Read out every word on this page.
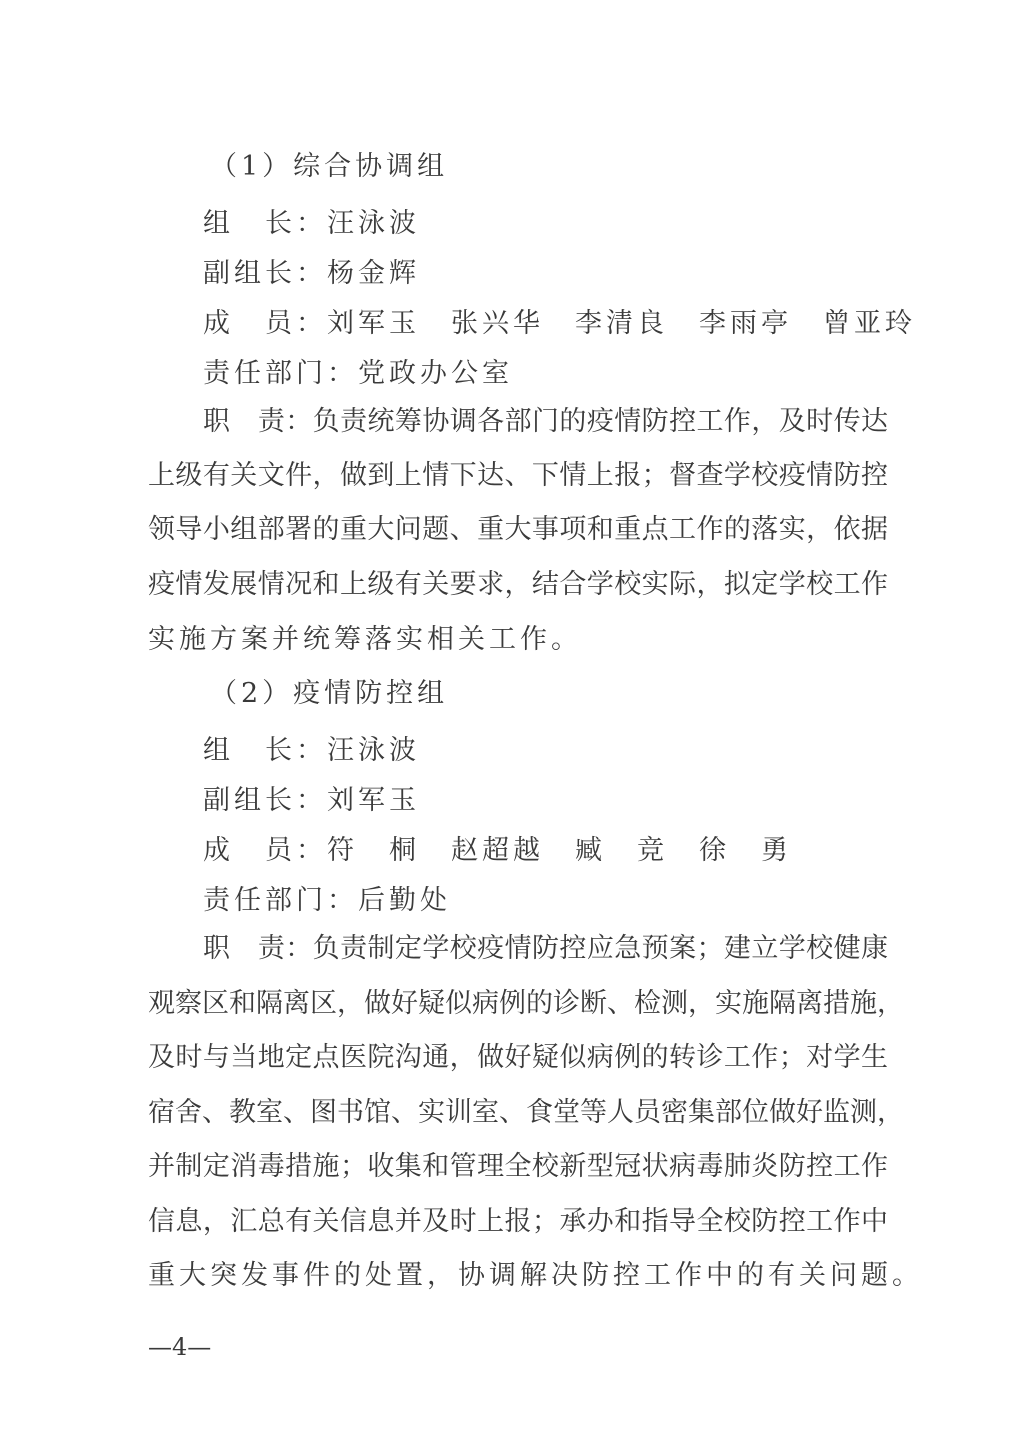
（1）综合协调组
组　长：汪泳波
副组长：杨金辉
成　员：刘军玉　张兴华　李清良　李雨亭　曾亚玲
责任部门：党政办公室
职　责：负责统筹协调各部门的疫情防控工作，及时传达
上级有关文件，做到上情下达、下情上报；督查学校疫情防控
领导小组部署的重大问题、重大事项和重点工作的落实，依据
疫情发展情况和上级有关要求，结合学校实际，拟定学校工作
实施方案并统筹落实相关工作。
（2）疫情防控组
组　长：汪泳波
副组长：刘军玉
成　员：符　桐　赵超越　臧　竞　徐　勇
责任部门：后勤处
职　责：负责制定学校疫情防控应急预案；建立学校健康
观察区和隔离区，做好疑似病例的诊断、检测，实施隔离措施，
及时与当地定点医院沟通，做好疑似病例的转诊工作；对学生
宿舍、教室、图书馆、实训室、食堂等人员密集部位做好监测，
并制定消毒措施；收集和管理全校新型冠状病毒肺炎防控工作
信息，汇总有关信息并及时上报；承办和指导全校防控工作中
重大突发事件的处置，协调解决防控工作中的有关问题。
—4—
